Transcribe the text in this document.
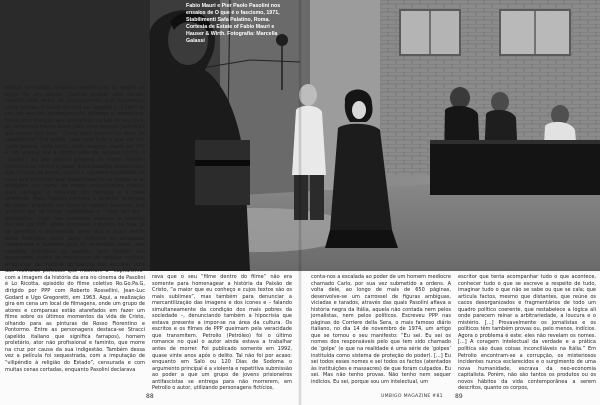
Fabio Mauri e Pier Paolo Pasolini nos ensaios de O que é o fascismo, 1971, Stabilimenti Safa Palatino, Roma. Cortesia de Estate of Fabio Mauri e Hauser & Wirth. Fotografia: Marcella Galassi

multos no mundo; somente nascem três ou quatro ao longo de um século. Quando acabar este século, Pasolini será entre os pouquíssimos que importarão como poetas. O poeta deveria ser seguido [...] Além de ser um escritor extremamente refinado e maneirista, havia uma atenção aos problemas sociais do seu país, ao desenvolvimento deste país. Uma atenção patriótica que pouco têm tido!” Como cabe Pasolini no tema do Capitalismo? Ora então, cabe com tudo o que ele fez. Cada poema, cada conto, cada imagem criada por PPP é um ataque até à última gota de sangue contra o “capital”, no pior sentido possível do termo. Pasolini posiciona-se contra o poder ilusoriamente democrático que tiraniza os povos, contra o consumo-capitalista da nova era industrial que despersonaliza os pobres e as tradições em nome de novas necessidades criadas para esmagar a natureza dos homens e o meio ambiente. Mais, Pasolini conhece a perfeita “anarquia do poder” presente em todos os regimes fascistas, que acabam por se tornar capitalistas e – hoje em dia – globalistas. Logo nas primeiras poesias e poemas escritos por PPP, ainda utilizando o dialeto da mãe, já se percebia o entranhado amor que o autor sentia pelas tradições, pelos laços culturais da sociedade camponesa e também pela fé, entendida como uma resposta individual ao espírito, pois Pasolini era igualmente contra as imposições da religião católica, amiguinha da matéria obrigatória nas escolas. Uma das melhores películas que mostram o “capitalismo” com a imagem da história da era no cinema de Pasolini é Lo Ricotta, episódio do filme coletivo Ro.Go.Pa.G, dirigido por PPP com Roberto Rossellini, Jean-Luc Godard e Ugo Gregoretti, em 1963. Aqui, a realização gira em cena um local de filmagens, onde um grupo de atores e comparsas estão atarefados em fazer um filme sobre os últimos momentos da vida de Cristo, olhando para as pinturas de Rosso Fiorentino e Pontormo. Entre as personagens destaca-se Stracci (apelido italiano que significa farrapos), homem proletário, ator não profissional e faminto, que morre na cruz por causa da sua indigestão. Também dessa vez a película foi sequestrada, com a imputação de “vilipêndio à religião do Estado”, censurada e com muitas cenas cortadas, enquanto Pasolini declarava

rava que o seu “filme dentro do filme” não era somente para homenagear a história da Paixão de Cristo, “a maior que eu conheço e cujos textos são os mais sublimes”, mas também para denunciar a mercantilização das imagens e dos ícones e – falando simultaneamente da condição dos mais pobres da sociedade –, denunciando também a hipocrisia que estava presente a impor-se na área da cultura. Os escritos e os filmes de PPP queimam pela veracidade que transmitem. Petrolio (Petróleo) foi o último romance no qual o autor ainda estava a trabalhar antes de morrer. Foi publicado somente em 1992, quase vinte anos após o delito. Tal não foi por acaso: enquanto em Salò ou 120 Dias de Sodoma o argumento principal é a violenta e repetitiva submissão ao poder a que um grupo de jovens prisioneiros antifascistas se entrega para não morrerem, em Petrolio o autor, utilizando personagens fictícios,

conta-nos a escalada ao poder de um homem medíocre chamado Carlo, por sua vez submetido a ordens. A volta dele, ao longo de mais de 650 páginas, desenvolve-se um carrossel de figuras ambíguas, viciadas e tarados, através das quais Pasolini afiava a história negra da Itália, aquela não contada nem pelos jornalistas, nem pelos políticos. Escreveu PPP nas páginas do Corriere della Sera, o mais famoso diário italiano, no dia 14 de novembro de 1974, um artigo que se tornou o seu manifesto: “Eu sei. Eu sei os nomes dos responsáveis pelo que tem sido chamado de ‘golpe’ (e que na realidade é uma série de ‘golpes’ instituída como sistema de proteção do poder). [...] Eu sei todos esses nomes e sei todos os factos (atentados às instituições e massacres) de que foram culpados. Eu sei. Mas não tenho provas. Não tenho nem sequer indícios. Eu sei, porque sou um intelectual, um

escritor que tenta acompanhar tudo o que acontece, conhecer tudo o que se escreve a respeito de tudo, imaginar tudo o que não se sabe ou que se cala; que articula factos, mesmo que distantes, que reúne os cacos desorganizados e fragmentários de todo um quadro político coerente, que restabelece a lógica ali onde parecem reinar a arbitrariedade, a loucura e o mistério. [...] Provavelmente os jornalistas e os políticos têm também provas ou, pelo menos, indícios. Agora o problema é este: eles não revelam os nomes. [...] A coragem intelectual da verdade e a prática política são duas coisas inconciliáveis na Itália.” Em Petrolio encontram-se a corrupção, os misteriosos incidentes nunca esclarecidos e o surgimento de uma nova humanidade, escrava da neo-economia capitalista. Porém, não são tantos os produtos ou os novos hábitos da vida contemporânea a serem descritos, quanto os corpos,

88	UMBIGO MAGAZINE #81 89
